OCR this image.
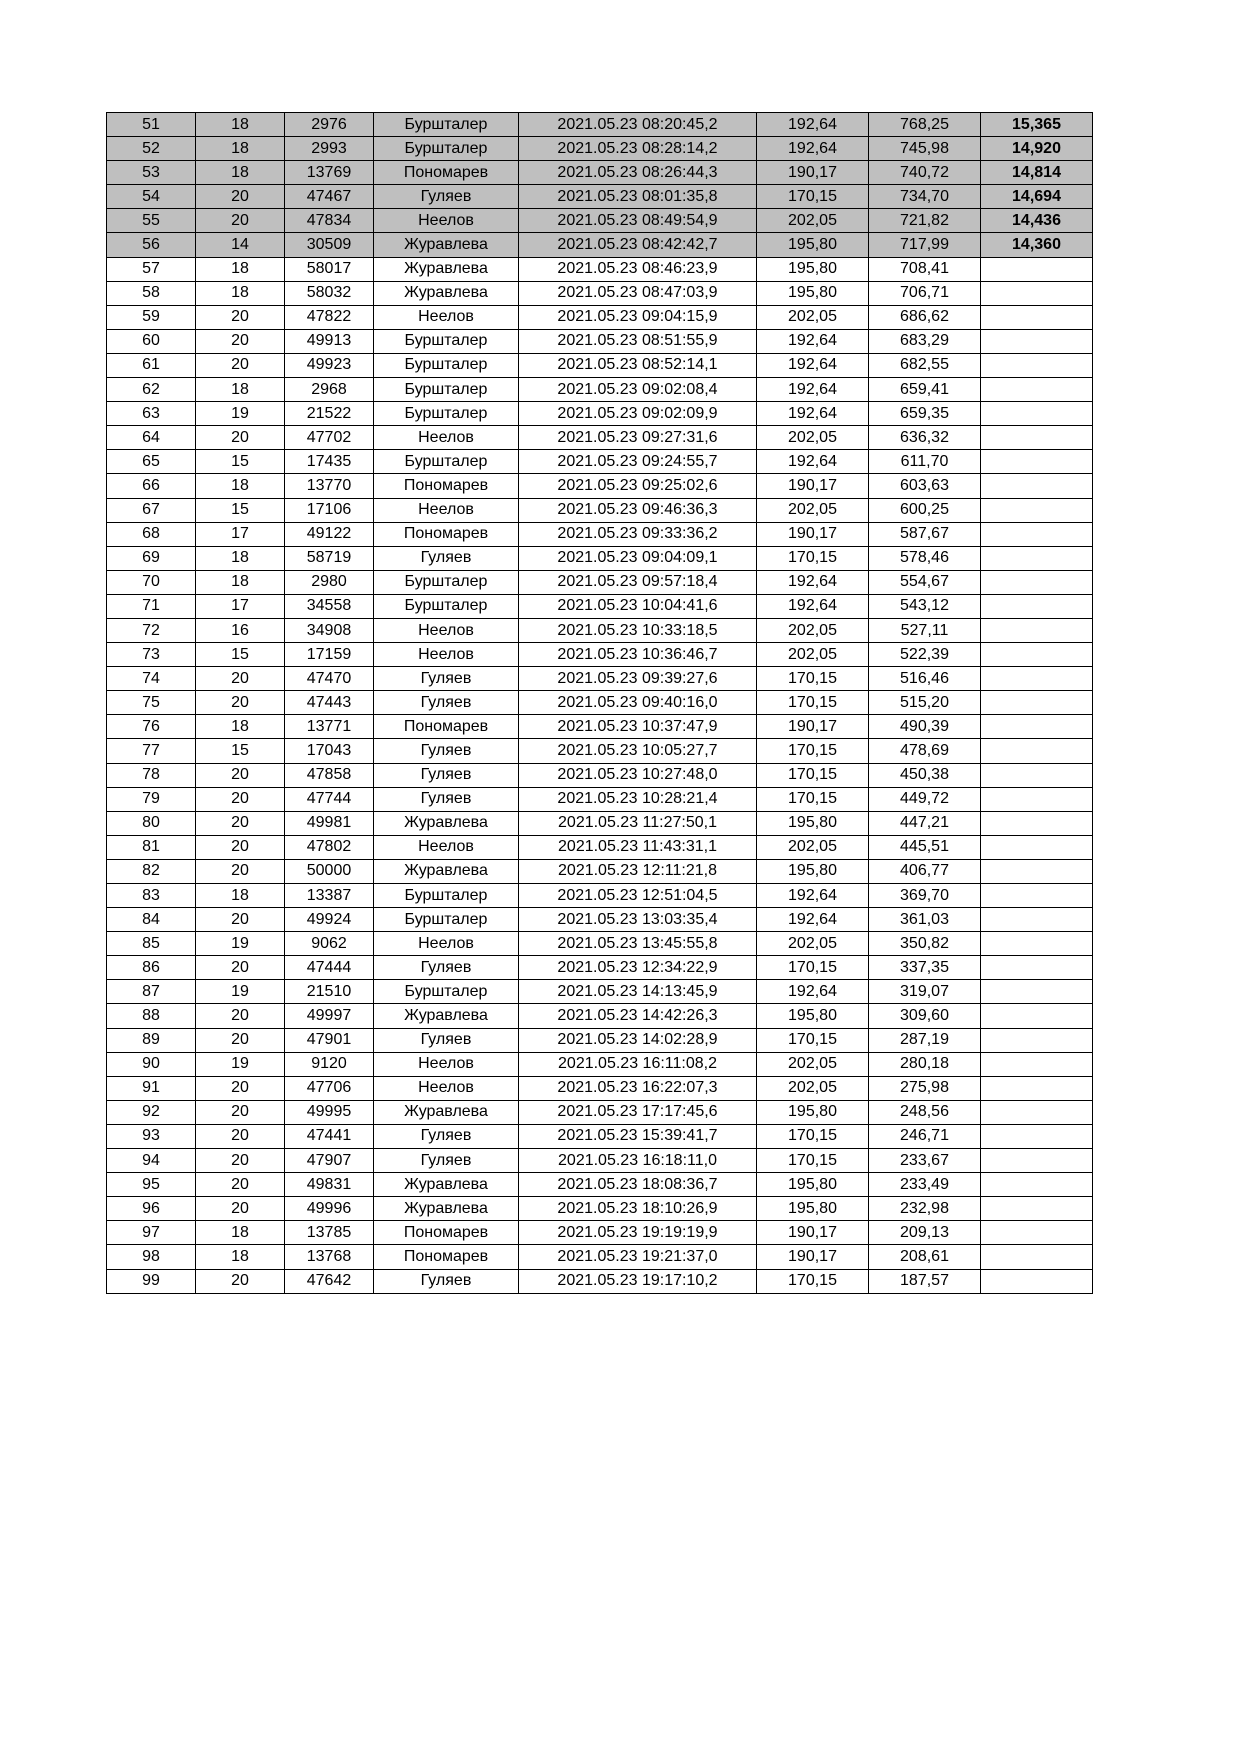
51	18	2976	Буршталер	2021.05.23 08:20:45,2	192,64	768,25	15,365
52	18	2993	Буршталер	2021.05.23 08:28:14,2	192,64	745,98	14,920
53	18	13769	Пономарев	2021.05.23 08:26:44,3	190,17	740,72	14,814
54	20	47467	Гуляев	2021.05.23 08:01:35,8	170,15	734,70	14,694
55	20	47834	Неелов	2021.05.23 08:49:54,9	202,05	721,82	14,436
56	14	30509	Журавлева	2021.05.23 08:42:42,7	195,80	717,99	14,360
57	18	58017	Журавлева	2021.05.23 08:46:23,9	195,80	708,41	
58	18	58032	Журавлева	2021.05.23 08:47:03,9	195,80	706,71	
59	20	47822	Неелов	2021.05.23 09:04:15,9	202,05	686,62	
60	20	49913	Буршталер	2021.05.23 08:51:55,9	192,64	683,29	
61	20	49923	Буршталер	2021.05.23 08:52:14,1	192,64	682,55	
62	18	2968	Буршталер	2021.05.23 09:02:08,4	192,64	659,41	
63	19	21522	Буршталер	2021.05.23 09:02:09,9	192,64	659,35	
64	20	47702	Неелов	2021.05.23 09:27:31,6	202,05	636,32	
65	15	17435	Буршталер	2021.05.23 09:24:55,7	192,64	611,70	
66	18	13770	Пономарев	2021.05.23 09:25:02,6	190,17	603,63	
67	15	17106	Неелов	2021.05.23 09:46:36,3	202,05	600,25	
68	17	49122	Пономарев	2021.05.23 09:33:36,2	190,17	587,67	
69	18	58719	Гуляев	2021.05.23 09:04:09,1	170,15	578,46	
70	18	2980	Буршталер	2021.05.23 09:57:18,4	192,64	554,67	
71	17	34558	Буршталер	2021.05.23 10:04:41,6	192,64	543,12	
72	16	34908	Неелов	2021.05.23 10:33:18,5	202,05	527,11	
73	15	17159	Неелов	2021.05.23 10:36:46,7	202,05	522,39	
74	20	47470	Гуляев	2021.05.23 09:39:27,6	170,15	516,46	
75	20	47443	Гуляев	2021.05.23 09:40:16,0	170,15	515,20	
76	18	13771	Пономарев	2021.05.23 10:37:47,9	190,17	490,39	
77	15	17043	Гуляев	2021.05.23 10:05:27,7	170,15	478,69	
78	20	47858	Гуляев	2021.05.23 10:27:48,0	170,15	450,38	
79	20	47744	Гуляев	2021.05.23 10:28:21,4	170,15	449,72	
80	20	49981	Журавлева	2021.05.23 11:27:50,1	195,80	447,21	
81	20	47802	Неелов	2021.05.23 11:43:31,1	202,05	445,51	
82	20	50000	Журавлева	2021.05.23 12:11:21,8	195,80	406,77	
83	18	13387	Буршталер	2021.05.23 12:51:04,5	192,64	369,70	
84	20	49924	Буршталер	2021.05.23 13:03:35,4	192,64	361,03	
85	19	9062	Неелов	2021.05.23 13:45:55,8	202,05	350,82	
86	20	47444	Гуляев	2021.05.23 12:34:22,9	170,15	337,35	
87	19	21510	Буршталер	2021.05.23 14:13:45,9	192,64	319,07	
88	20	49997	Журавлева	2021.05.23 14:42:26,3	195,80	309,60	
89	20	47901	Гуляев	2021.05.23 14:02:28,9	170,15	287,19	
90	19	9120	Неелов	2021.05.23 16:11:08,2	202,05	280,18	
91	20	47706	Неелов	2021.05.23 16:22:07,3	202,05	275,98	
92	20	49995	Журавлева	2021.05.23 17:17:45,6	195,80	248,56	
93	20	47441	Гуляев	2021.05.23 15:39:41,7	170,15	246,71	
94	20	47907	Гуляев	2021.05.23 16:18:11,0	170,15	233,67	
95	20	49831	Журавлева	2021.05.23 18:08:36,7	195,80	233,49	
96	20	49996	Журавлева	2021.05.23 18:10:26,9	195,80	232,98	
97	18	13785	Пономарев	2021.05.23 19:19:19,9	190,17	209,13	
98	18	13768	Пономарев	2021.05.23 19:21:37,0	190,17	208,61	
99	20	47642	Гуляев	2021.05.23 19:17:10,2	170,15	187,57	
